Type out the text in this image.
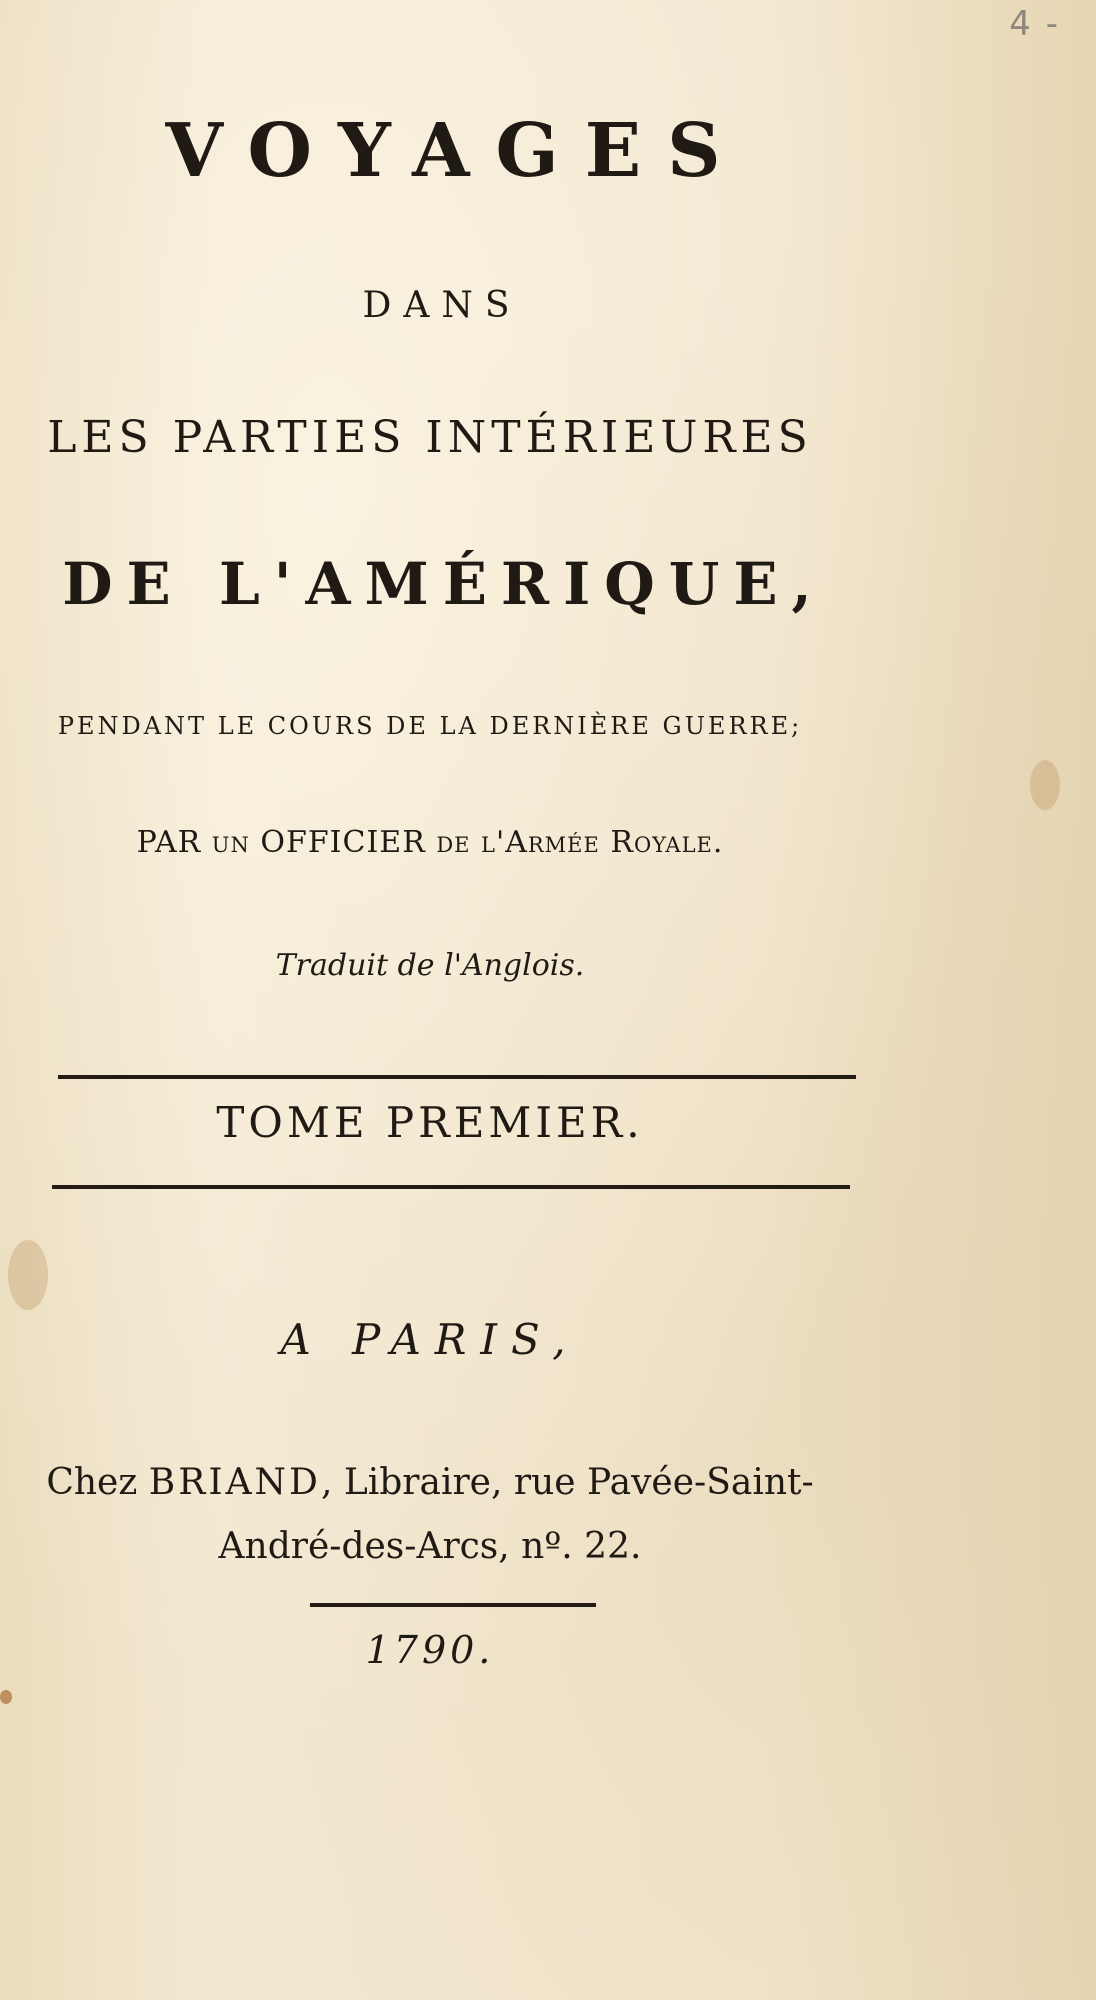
4 -
VOYAGES
DANS
LES PARTIES INTÉRIEURES
DE L'AMÉRIQUE,
PENDANT LE COURS DE LA DERNIÈRE GUERRE;
PAR un OFFICIER de l'Armée Royale.
Traduit de l'Anglois.
TOME PREMIER.
A PARIS,
Chez BRIAND, Libraire, rue Pavée-Saint-
André-des-Arcs, nº. 22.
1790.
